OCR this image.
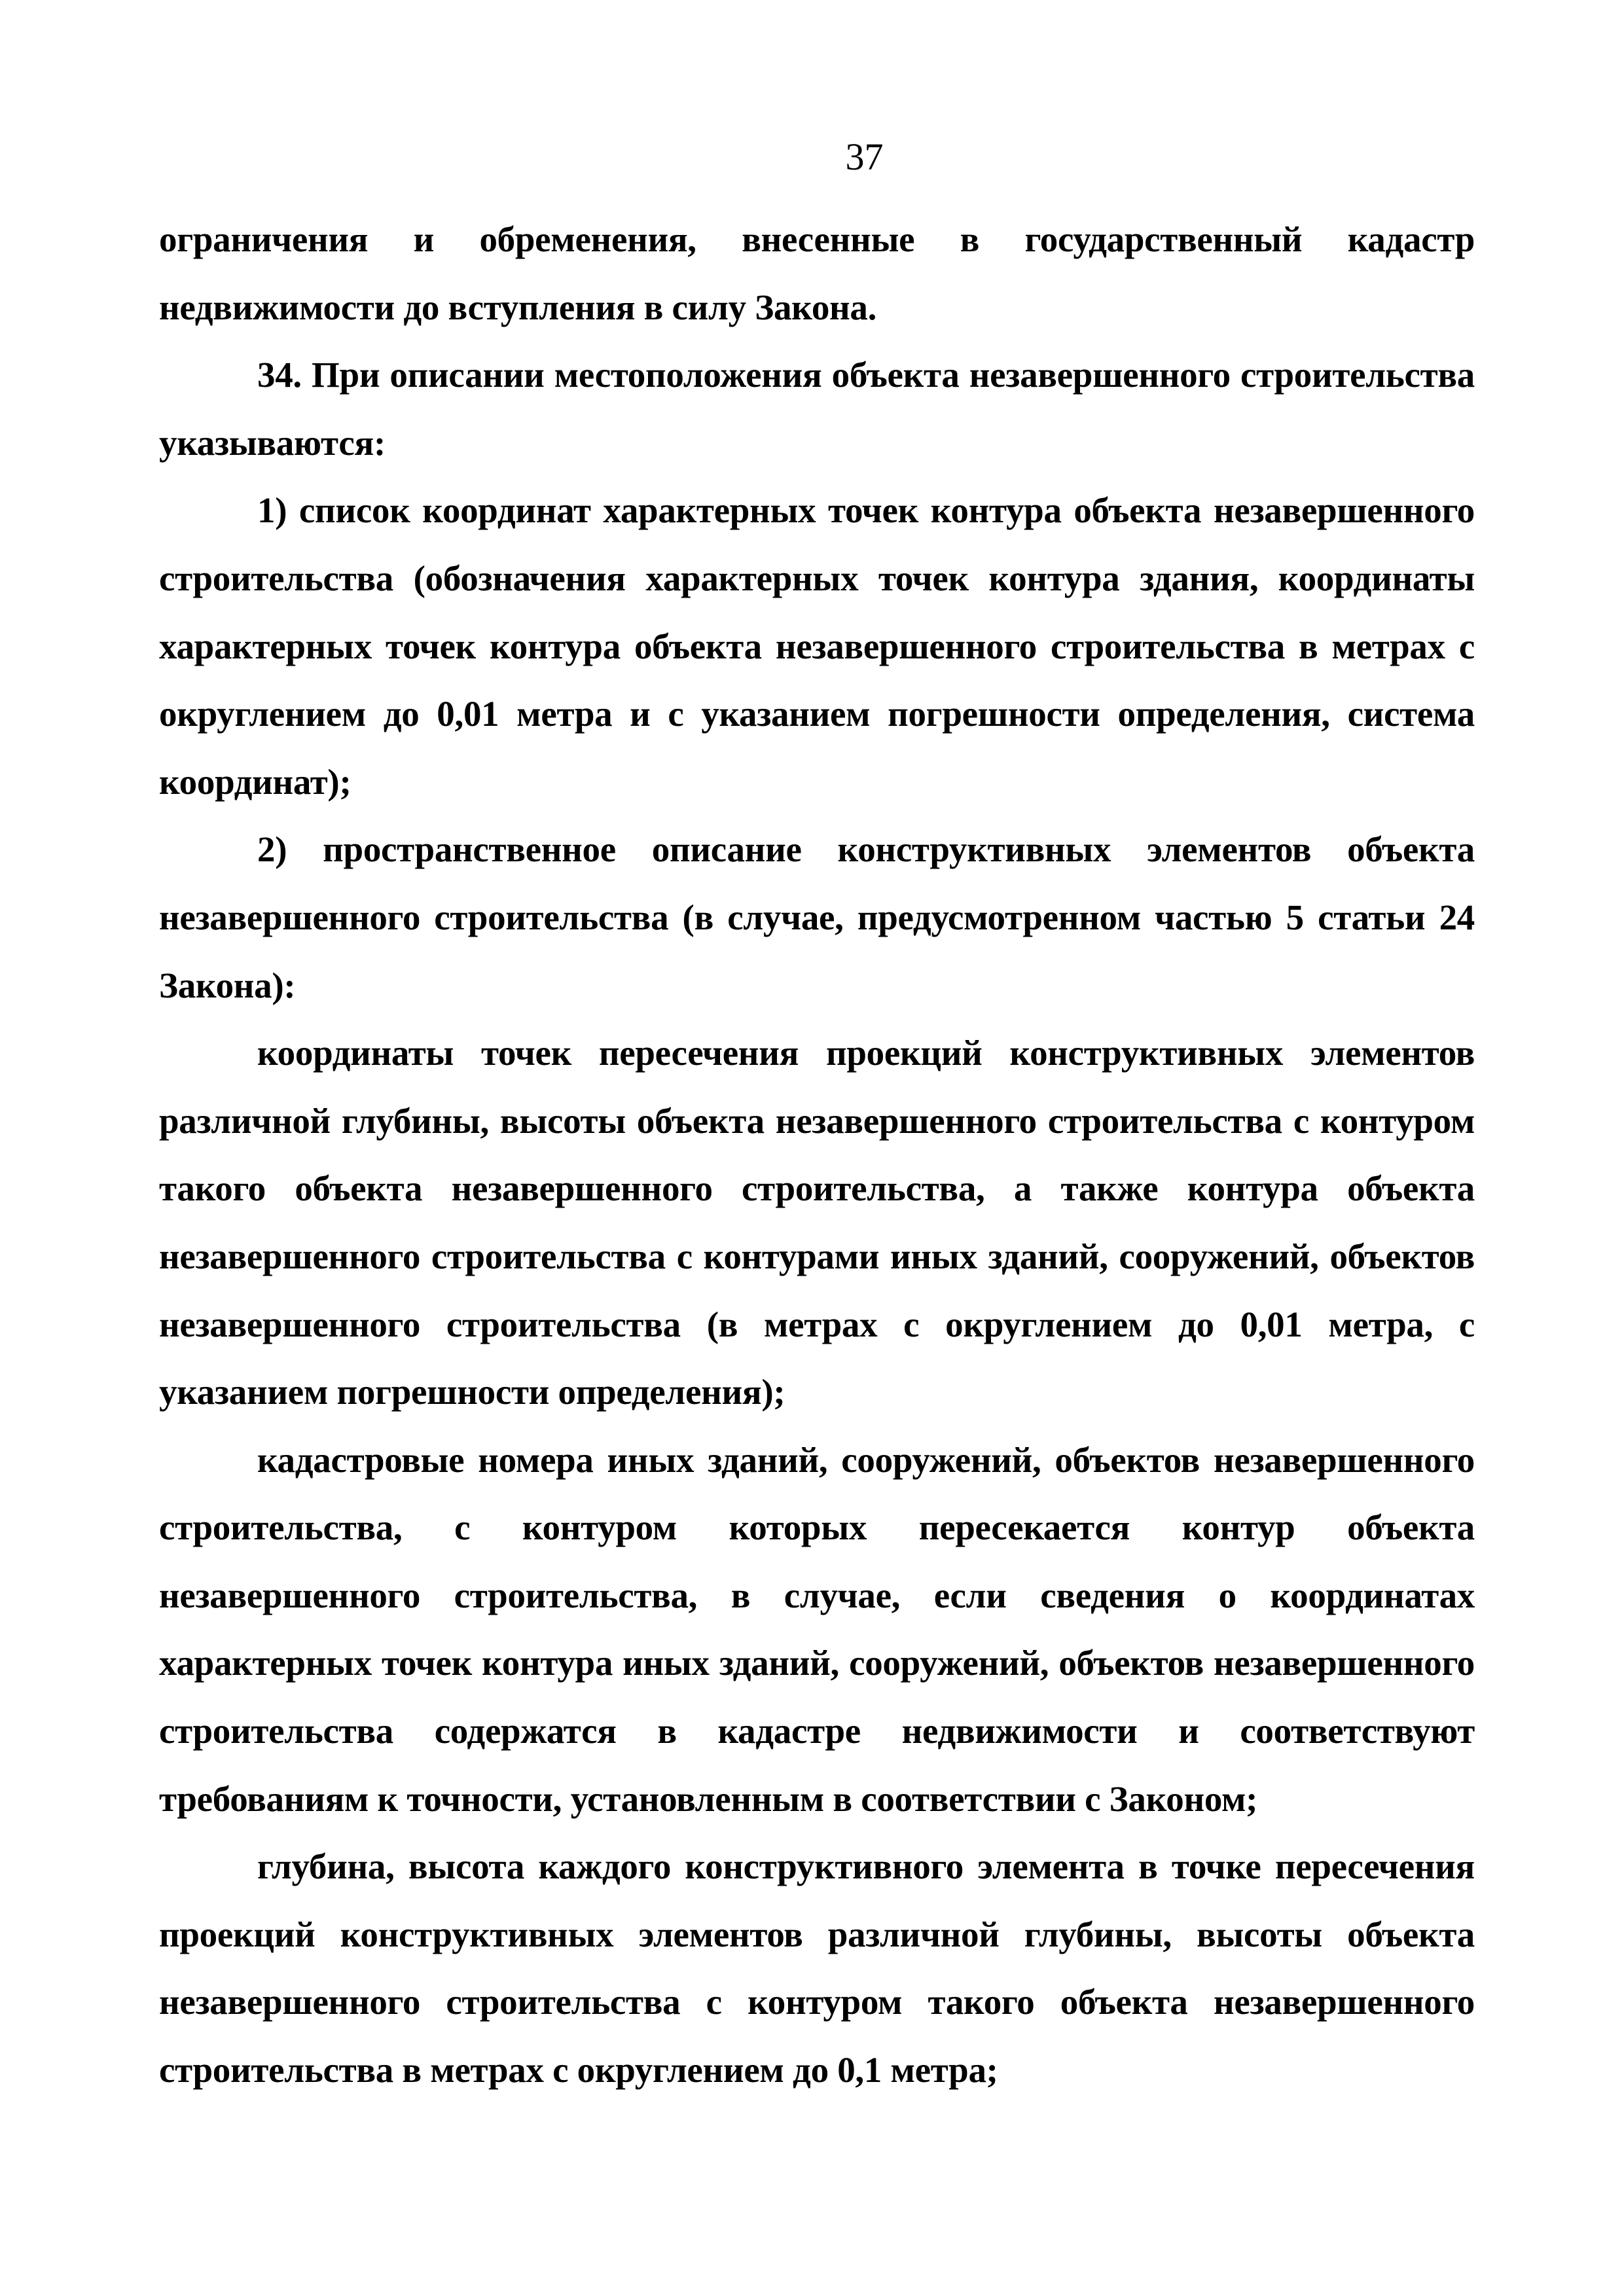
37

ограничения и обременения, внесенные в государственный кадастр недвижимости до вступления в силу Закона.

34. При описании местоположения объекта незавершенного строительства указываются:

1) список координат характерных точек контура объекта незавершенного строительства (обозначения характерных точек контура здания, координаты характерных точек контура объекта незавершенного строительства в метрах с округлением до 0,01 метра и с указанием погрешности определения, система координат);

2) пространственное описание конструктивных элементов объекта незавершенного строительства (в случае, предусмотренном частью 5 статьи 24 Закона):

координаты точек пересечения проекций конструктивных элементов различной глубины, высоты объекта незавершенного строительства с контуром такого объекта незавершенного строительства, а также контура объекта незавершенного строительства с контурами иных зданий, сооружений, объектов незавершенного строительства (в метрах с округлением до 0,01 метра, с указанием погрешности определения);

кадастровые номера иных зданий, сооружений, объектов незавершенного строительства, с контуром которых пересекается контур объекта незавершенного строительства, в случае, если сведения о координатах характерных точек контура иных зданий, сооружений, объектов незавершенного строительства содержатся в кадастре недвижимости и соответствуют требованиям к точности, установленным в соответствии с Законом;

глубина, высота каждого конструктивного элемента в точке пересечения проекций конструктивных элементов различной глубины, высоты объекта незавершенного строительства с контуром такого объекта незавершенного строительства в метрах с округлением до 0,1 метра;
